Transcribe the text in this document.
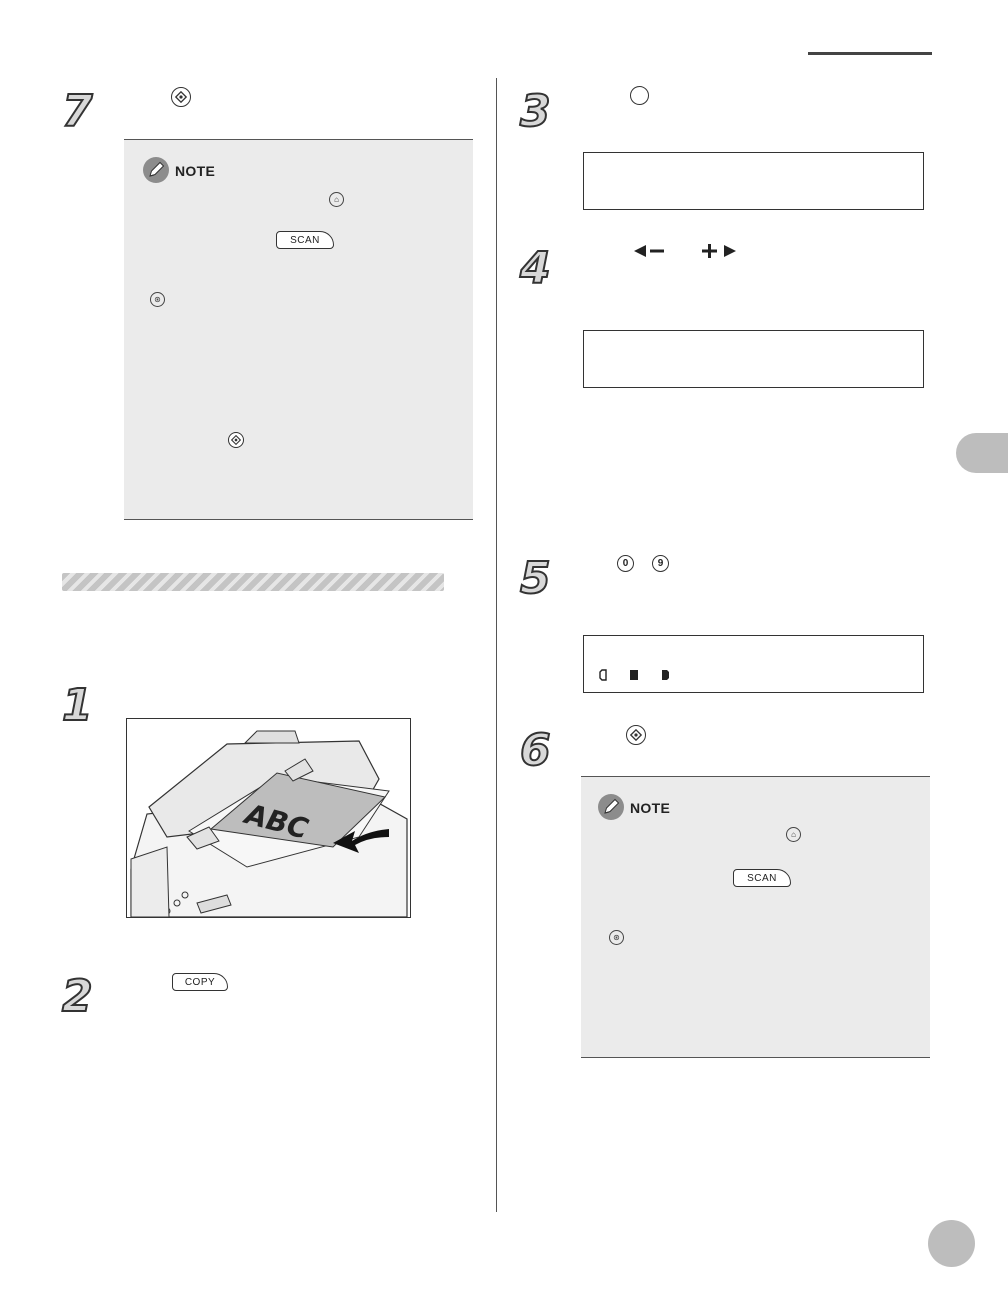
7
NOTE
⌂
SCAN
⊛
1
ABC
2	COPY
3
4
5	0	9
6
NOTE
⌂
SCAN
⊛
